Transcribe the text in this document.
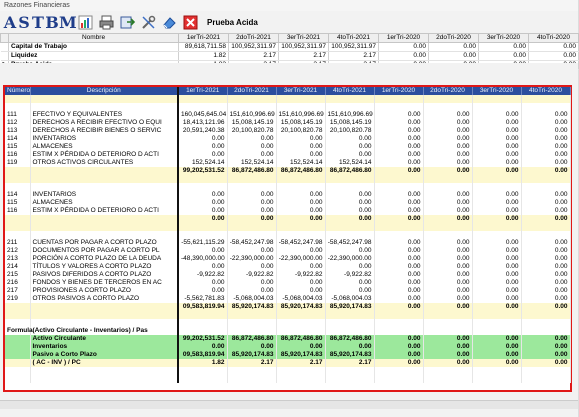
Razones Financieras
A S T B M	Prueba Acida
	Nombre	1erTri-2021	2doTri-2021	3erTri-2021	4toTri-2021	1erTri-2020	2doTri-2020	3erTri-2020	4toTri-2020
	Capital de Trabajo	89,618,711.58	100,952,311.97	100,952,311.97	100,952,311.97	0.00	0.00	0.00	0.00
	Liquidez	1.82	2.17	2.17	2.17	0.00	0.00	0.00	0.00

Número	Descripción	1erTri-2021	2doTri-2021	3erTri-2021	4toTri-2021	1erTri-2020	2doTri-2020	3erTri-2020	4toTri-2020

111	EFECTIVO Y EQUIVALENTES	160,045,645.04	151,610,996.69	151,610,996.69	151,610,996.69	0.00	0.00	0.00	0.00
112	DERECHOS A RECIBIR EFECTIVO O EQUI	18,413,121.96	15,008,145.19	15,008,145.19	15,008,145.19	0.00	0.00	0.00	0.00
113	DERECHOS A RECIBIR BIENES O SERVIC	20,591,240.38	20,100,820.78	20,100,820.78	20,100,820.78	0.00	0.00	0.00	0.00
114	INVENTARIOS	0.00	0.00	0.00	0.00	0.00	0.00	0.00	0.00
115	ALMACENES	0.00	0.00	0.00	0.00	0.00	0.00	0.00	0.00
116	ESTIM X PÉRDIDA O DETERIORO D ACTI	0.00	0.00	0.00	0.00	0.00	0.00	0.00	0.00
119	OTROS ACTIVOS CIRCULANTES	152,524.14	152,524.14	152,524.14	152,524.14	0.00	0.00	0.00	0.00
		99,202,531.52	86,872,486.80	86,872,486.80	86,872,486.80	0.00	0.00	0.00	0.00

114	INVENTARIOS	0.00	0.00	0.00	0.00	0.00	0.00	0.00	0.00
115	ALMACENES	0.00	0.00	0.00	0.00	0.00	0.00	0.00	0.00
116	ESTIM X PÉRDIDA O DETERIORO D ACTI	0.00	0.00	0.00	0.00	0.00	0.00	0.00	0.00
		0.00	0.00	0.00	0.00	0.00	0.00	0.00	0.00

211	CUENTAS POR PAGAR A CORTO PLAZO	-55,621,115.29	-58,452,247.98	-58,452,247.98	-58,452,247.98	0.00	0.00	0.00	0.00
212	DOCUMENTOS POR PAGAR A CORTO PL	0.00	0.00	0.00	0.00	0.00	0.00	0.00	0.00
213	PORCIÓN A CORTO PLAZO DE LA DEUDA	-48,390,000.00	-22,390,000.00	-22,390,000.00	-22,390,000.00	0.00	0.00	0.00	0.00
214	TÍTULOS Y VALORES A CORTO PLAZO	0.00	0.00	0.00	0.00	0.00	0.00	0.00	0.00
215	PASIVOS DIFERIDOS A CORTO PLAZO	-9,922.82	-9,922.82	-9,922.82	-9,922.82	0.00	0.00	0.00	0.00
216	FONDOS Y BIENES DE TERCEROS EN AC	0.00	0.00	0.00	0.00	0.00	0.00	0.00	0.00
217	PROVISIONES A CORTO PLAZO	0.00	0.00	0.00	0.00	0.00	0.00	0.00	0.00
219	OTROS PASIVOS A CORTO PLAZO	-5,562,781.83	-5,068,004.03	-5,068,004.03	-5,068,004.03	0.00	0.00	0.00	0.00
		09,583,819.94	85,920,174.83	85,920,174.83	85,920,174.83	0.00	0.00	0.00	0.00

Formula	(Activo Circulante - Inventarios) / Pas								
	Activo Circulante	99,202,531.52	86,872,486.80	86,872,486.80	86,872,486.80	0.00	0.00	0.00	0.00
	Inventarios	0.00	0.00	0.00	0.00	0.00	0.00	0.00	0.00
	Pasivo a Corto Plazo	09,583,819.94	85,920,174.83	85,920,174.83	85,920,174.83	0.00	0.00	0.00	0.00
	( AC - INV ) / PC	1.82	2.17	2.17	2.17	0.00	0.00	0.00	0.00
